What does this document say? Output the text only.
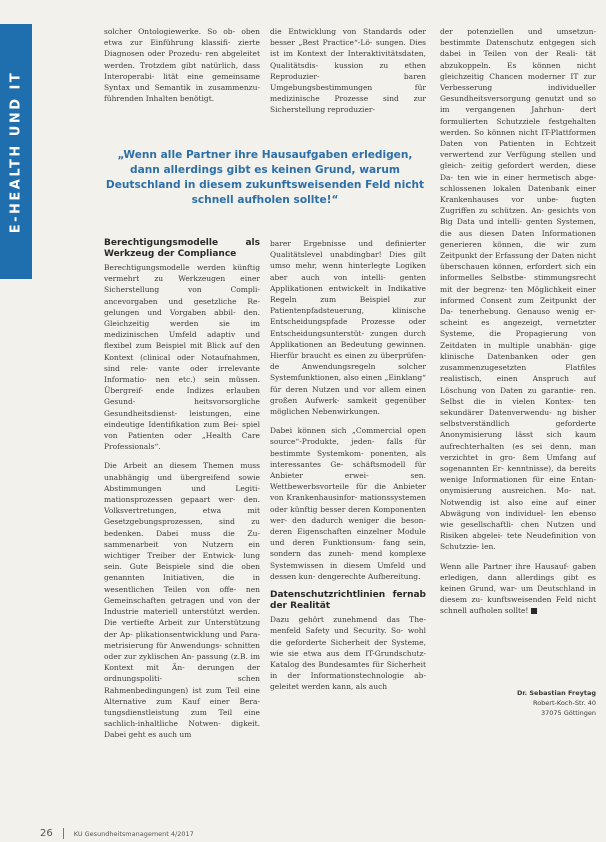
E-HEALTH UND IT

solcher Ontologiewerke. So ob- oben etwa zur Einführung klassifi- zierte Diagnosen oder Prozedu- ren abgeleitet werden. Trotzdem gibt natürlich, dass Interoperabi- lität eine gemeinsame Syntax und Semantik in zusammenzu- führenden Inhalten benötigt.

die Entwicklung von Standards oder besser „Best Practice“-Lö- sungen. Dies ist im Kontext der Interaktivitätsdaten, Qualitätsdis- kussion zu ethen Reproduzier- baren Umgebungsbestimmungen für medizinische Prozesse sind zur Sicherstellung reproduzier-

„Wenn alle Partner ihre Hausaufgaben erledigen, dann allerdings gibt es keinen Grund, warum Deutschland in diesem zukunftsweisenden Feld nicht schnell aufholen sollte!“
Berechtigungsmodelle als Werkzeug der Compliance

Berechtigungsmodelle werden künftig vermehrt zu Werkzeugen einer Sicherstellung von Compli- ancevorgaben und gesetzliche Re- gelungen und Vorgaben abbil- den. Gleichzeitig werden sie im medizinischen Umfeld adaptiv und flexibel zum Beispiel mit Blick auf den Kontext (clinical oder Notaufnahmen, sind rele- vante oder irrelevante Informatio- nen etc.) sein müssen. Übergreif- ende Indizes erlauben Gesund- heitsvorsorgliche Gesundheitsdienst- leistungen, eine eindeutige Identifikation zum Bei- spiel von Patienten oder „Health Care Professionals“.

Die Arbeit an diesem Themen muss unabhängig und übergreifend sowie Abstimmungen und Legiti- mationsprozessen gepaart wer- den. Volksvertretungen, etwa mit Gesetzgebungsprozessen, sind zu bedenken. Dabei muss die Zu- sammenarbeit von Nutzern ein wichtiger Treiber der Entwick- lung sein. Gute Beispiele sind die oben genannten Initiativen, die in wesentlichen Teilen von offe- nen Gemeinschaften getragen und von der Industrie materiell unterstützt werden. Die vertiefte Arbeit zur Unterstützung der Ap- plikationsentwicklung und Para- metrisierung für Anwendungs- schnitten oder zur zyklischen An- passung (z.B. im Kontext mit Än- derungen der ordnungspoliti- schen Rahmenbedingungen) ist zum Teil eine Alternative zum Kauf einer Bera- tungsdienstleistung zum Teil eine sachlich-inhaltliche Notwen- digkeit. Dabei geht es auch um

barer Ergebnisse und definierter Qualitätslevel unabdingbar! Dies gilt umso mehr, wenn hinterlegte Logiken aber auch von intelli- genten Applikationen entwickelt in Indikative Regeln zum Beispiel zur Patientenpfadsteuerung, klinische Entscheidungspfade Prozesse oder Entscheidungsunterstüt- zungen durch Applikationen an Bedeutung gewinnen. Hierfür braucht es einen zu überprüfen- de Anwendungsregeln solcher Systemfunktionen, also einen „Einklang“ für deren Nutzen und vor allem einen großen Aufwerk- samkeit gegenüber möglichen Nebenwirkungen.

Dabei können sich „Commercial open source“-Produkte, jeden- falls für bestimmte Systemkom- ponenten, als interessantes Ge- schäftsmodell für Anbieter erwei- sen. Wettbewerbsvorteile für die Anbieter von Krankenhausinfor- mationssystemen oder künftig besser deren Komponenten wer- den dadurch weniger die beson- deren Eigenschaften einzelner Module und deren Funktionsum- fang sein, sondern das zuneh- mend komplexe Systemwissen in diesem Umfeld und dessen kun- dengerechte Aufbereitung.

Datenschutzrichtlinien fernab der Realität

Dazu gehört zunehmend das The- menfeld Safety und Security. So- wohl die geforderte Sicherheit der Systeme, wie sie etwa aus dem IT-Grundschutz-Katalog des Bundesamtes für Sicherheit in der Informationstechnologie ab- geleitet werden kann, als auch

der potenziellen und umsetzun- bestimmte Datenschutz entgegen sich dabei in Teilen von der Reali- tät abzukoppeln. Es können nicht gleichzeitig Chancen moderner IT zur Verbesserung individueller Gesundheitsversorgung genutzt und so im vergangenen Jahrhun- dert formulierten Schutzziele festgehalten werden. So können nicht IT-Plattformen Daten von Patienten in Echtzeit verwertend zur Verfügung stellen und gleich- zeitig gefordert werden, diese Da- ten wie in einer hermetisch abge- schlossenen lokalen Datenbank einer Krankenhauses vor unbe- fugten Zugriffen zu schützen. An- gesichts von Big Data und intelli- genten Systemen, die aus diesen Daten Informationen generieren können, die wir zum Zeitpunkt der Erfassung der Daten nicht überschauen können, erfordert sich ein informelles Selbstbe- stimmungsrecht mit der begrenz- ten Möglichkeit einer informed Consent zum Zeitpunkt der Da- tenerhebung. Genauso wenig er- scheint es angezeigt, vernetzter Systeme, die Propagierung von Zeitdaten in multiple unabhän- gige klinische Datenbanken oder gen zusammenzugesetzten Flatfiles realistisch, einen Anspruch auf Löschung von Daten zu garantie- ren. Selbst die in vielen Kontex- ten sekundärer Datenverwendu- ng bisher selbstverständlich geforderte Anonymisierung lässt sich kaum aufrechterhalten (es sei denn, man verzichtet in gro- ßem Umfang auf sogenannten Er- kenntnisse), da bereits wenige Informationen für eine Entan- onymisierung ausreichen. Mo- nat. Notwendig ist also eine auf einer Abwägung von individuel- len ebenso wie gesellschaftli- chen Nutzen und Risiken abgelei- tete Neudefinition von Schutzzie- len.

Wenn alle Partner ihre Hausauf- gaben erledigen, dann allerdings gibt es keinen Grund, war- um Deutschland in diesem zu- kunftsweisenden Feld nicht schnell aufholen sollte!

Dr. Sebastian Freytag
Robert-Koch-Str. 40
37075 Göttingen
26	KU Gesundheitsmanagement 4/2017
